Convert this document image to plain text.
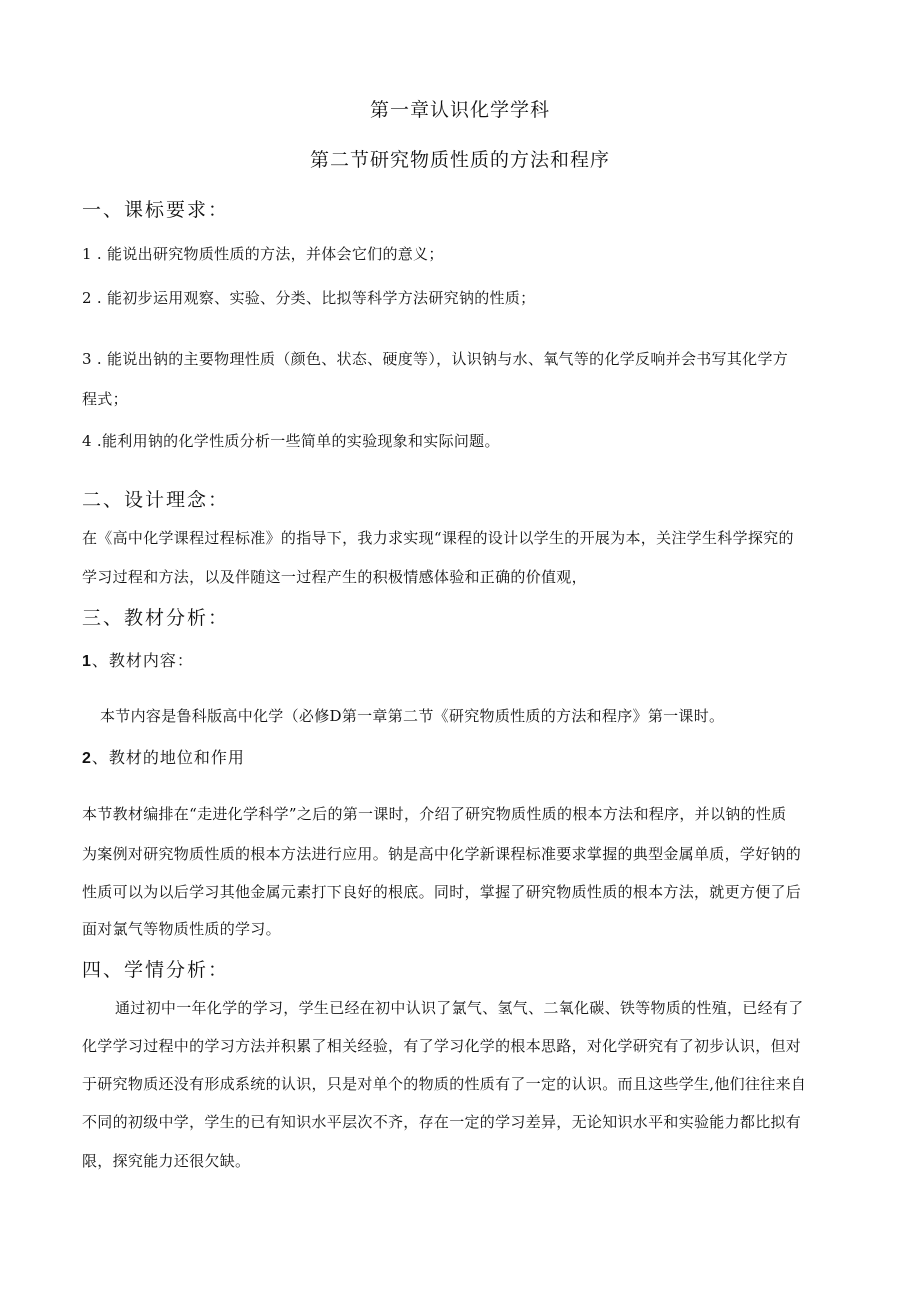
第一章认识化学学科
第二节研究物质性质的方法和程序
一、课标要求：
1 . 能说出研究物质性质的方法，并体会它们的意义；
2 . 能初步运用观察、实验、分类、比拟等科学方法研究钠的性质；
3 . 能说出钠的主要物理性质（颜色、状态、硬度等），认识钠与水、氧气等的化学反响并会书写其化学方
程式；
4 .能利用钠的化学性质分析一些简单的实验现象和实际问题。
二、设计理念：
在《高中化学课程过程标准》的指导下，我力求实现“课程的设计以学生的开展为本，关注学生科学探究的
学习过程和方法，以及伴随这一过程产生的积极情感体验和正确的价值观，
三、教材分析：
1、教材内容：
本节内容是鲁科版高中化学（必修D第一章第二节《研究物质性质的方法和程序》第一课时。
2、教材的地位和作用
本节教材编排在“走进化学科学”之后的第一课时，介绍了研究物质性质的根本方法和程序，并以钠的性质
为案例对研究物质性质的根本方法进行应用。钠是高中化学新课程标准要求掌握的典型金属单质，学好钠的
性质可以为以后学习其他金属元素打下良好的根底。同时，掌握了研究物质性质的根本方法，就更方便了后
面对氯气等物质性质的学习。
四、学情分析：
通过初中一年化学的学习，学生已经在初中认识了氯气、氢气、二氧化碳、铁等物质的性殖，已经有了
化学学习过程中的学习方法并积累了相关经验，有了学习化学的根本思路，对化学研究有了初步认识，但对
于研究物质还没有形成系统的认识，只是对单个的物质的性质有了一定的认识。而且这些学生,他们往往来自
不同的初级中学，学生的已有知识水平层次不齐，存在一定的学习差异，无论知识水平和实验能力都比拟有
限，探究能力还很欠缺。
